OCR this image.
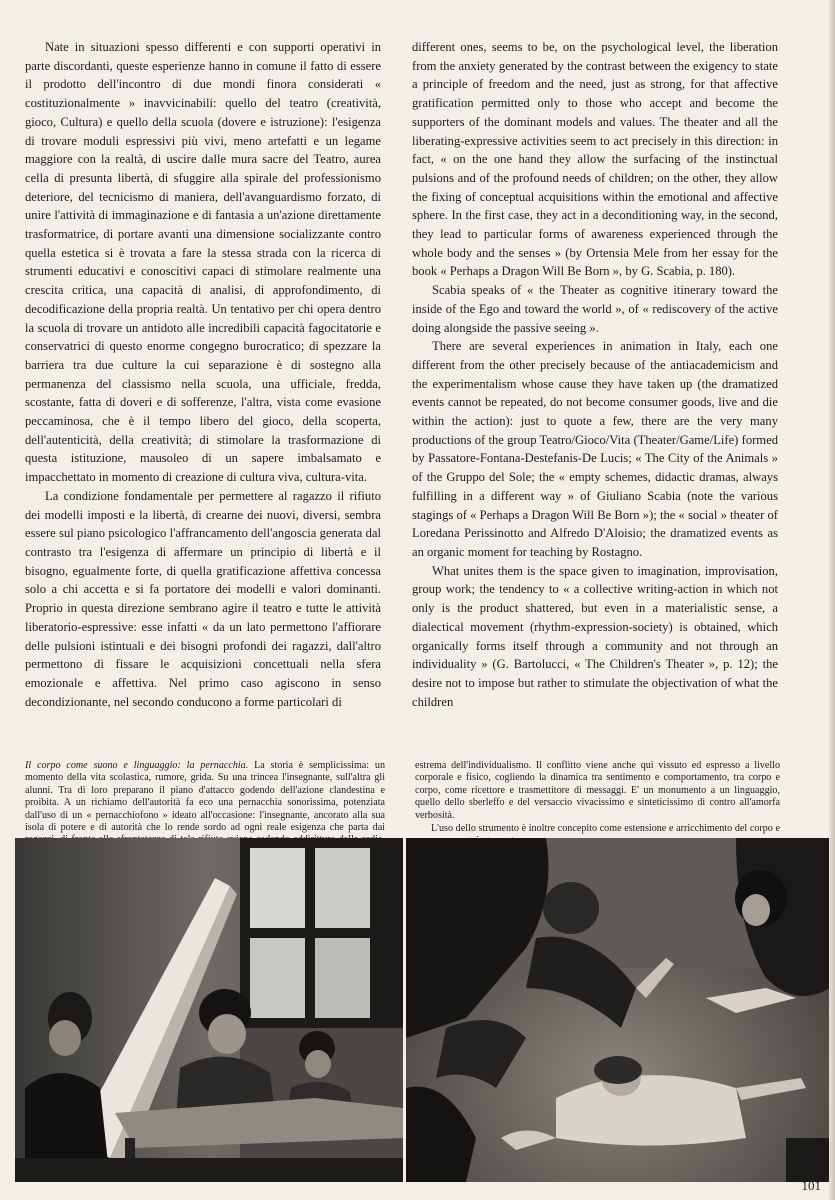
Nate in situazioni spesso differenti e con supporti operativi in parte discordanti, queste esperienze hanno in comune il fatto di essere il prodotto dell'incontro di due mondi finora considerati « costituzionalmente » inavvicinabili: quello del teatro (creatività, gioco, Cultura) e quello della scuola (dovere e istruzione): l'esigenza di trovare moduli espressivi più vivi, meno artefatti e un legame maggiore con la realtà, di uscire dalle mura sacre del Teatro, aurea cella di presunta libertà, di sfuggire alla spirale del professionismo deteriore, del tecnicismo di maniera, dell'avanguardismo forzato, di unire l'attività di immaginazione e di fantasia a un'azione direttamente trasformatrice, di portare avanti una dimensione socializzante contro quella estetica si è trovata a fare la stessa strada con la ricerca di strumenti educativi e conoscitivi capaci di stimolare realmente una crescita critica, una capacità di analisi, di approfondimento, di decodificazione della propria realtà. Un tentativo per chi opera dentro la scuola di trovare un antidoto alle incredibili capacità fagocitatorie e conservatrici di questo enorme congegno burocratico; di spezzare la barriera tra due culture la cui separazione è di sostegno alla permanenza del classismo nella scuola, una ufficiale, fredda, scostante, fatta di doveri e di sofferenze, l'altra, vista come evasione peccaminosa, che è il tempo libero del gioco, della scoperta, dell'autenticità, della creatività; di stimolare la trasformazione di questa istituzione, mausoleo di un sapere imbalsamato e impacchettato in momento di creazione di cultura viva, cultura-vita.

La condizione fondamentale per permettere al ragazzo il rifiuto dei modelli imposti e la libertà, di crearne dei nuovi, diversi, sembra essere sul piano psicologico l'affrancamento dell'angoscia generata dal contrasto tra l'esigenza di affermare un principio di libertà e il bisogno, egualmente forte, di quella gratificazione affettiva concessa solo a chi accetta e si fa portatore dei modelli e valori dominanti. Proprio in questa direzione sembrano agire il teatro e tutte le attività liberatorio-espressive: esse infatti « da un lato permettono l'affiorare delle pulsioni istintuali e dei bisogni profondi dei ragazzi, dall'altro permettono di fissare le acquisizioni concettuali nella sfera emozionale e affettiva. Nel primo caso agiscono in senso decondizionante, nel secondo conducono a forme particolari di

different ones, seems to be, on the psychological level, the liberation from the anxiety generated by the contrast between the exigency to state a principle of freedom and the need, just as strong, for that affective gratification permitted only to those who accept and become the supporters of the dominant models and values. The theater and all the liberating-expressive activities seem to act precisely in this direction: in fact, « on the one hand they allow the surfacing of the instinctual pulsions and of the profound needs of children; on the other, they allow the fixing of conceptual acquisitions within the emotional and affective sphere. In the first case, they act in a deconditioning way, in the second, they lead to particular forms of awareness experienced through the whole body and the senses » (by Ortensia Mele from her essay for the book « Perhaps a Dragon Will Be Born », by G. Scabia, p. 180).

Scabia speaks of « the Theater as cognitive itinerary toward the inside of the Ego and toward the world », of « rediscovery of the active doing alongside the passive seeing ».

There are several experiences in animation in Italy, each one different from the other precisely because of the antiacademicism and the experimentalism whose cause they have taken up (the dramatized events cannot be repeated, do not become consumer goods, live and die within the action): just to quote a few, there are the very many productions of the group Teatro/Gioco/Vita (Theater/Game/Life) formed by Passatore-Fontana-Destefanis-De Lucis; « The City of the Animals » of the Gruppo del Sole; the « empty schemes, didactic dramas, always fulfilling in a different way » of Giuliano Scabia (note the various stagings of « Perhaps a Dragon Will Be Born »); the « social » theater of Loredana Perissinotto and Alfredo D'Aloisio; the dramatized events as an organic moment for teaching by Rostagno.

What unites them is the space given to imagination, improvisation, group work; the tendency to « a collective writing-action in which not only is the product shattered, but even in a materialistic sense, a dialectical movement (rhythm-expression-society) is obtained, which organically forms itself through a community and not through an individuality » (G. Bartolucci, « The Children's Theater », p. 12); the desire not to impose but rather to stimulate the objectivation of what the children

Il corpo come suono e linguaggio: la pernacchia. La storia è semplicissima: un momento della vita scolastica, rumore, grida. Su una trincea l'insegnante, sull'altra gli alunni. Tra di loro preparano il piano d'attacco godendo dell'azione clandestina e proibita. A un richiamo dell'autorità fa eco una pernacchia sonorissima, potenziata dall'uso di un « pernacchiofono » ideato all'occasione: l'insegnante, ancorato alla sua isola di potere e di autorità che lo rende sordo ad ogni reale esigenza che parta dai

estrema dell'individualismo. Il conflitto viene anche qui vissuto ed espresso a livello corporale e fisico, cogliendo la dinamica tra sentimento e comportamento, tra corpo e corpo, come ricettore e trasmettitore di messaggi. E' un monumento a un linguaggio, quello dello sberleffo e del versaccio vivacissimo e sinteticissimo di contro all'amorfa verbosità.

L'uso dello strumento è inoltre concepito come estensione e arricchimento del corpo e

101
